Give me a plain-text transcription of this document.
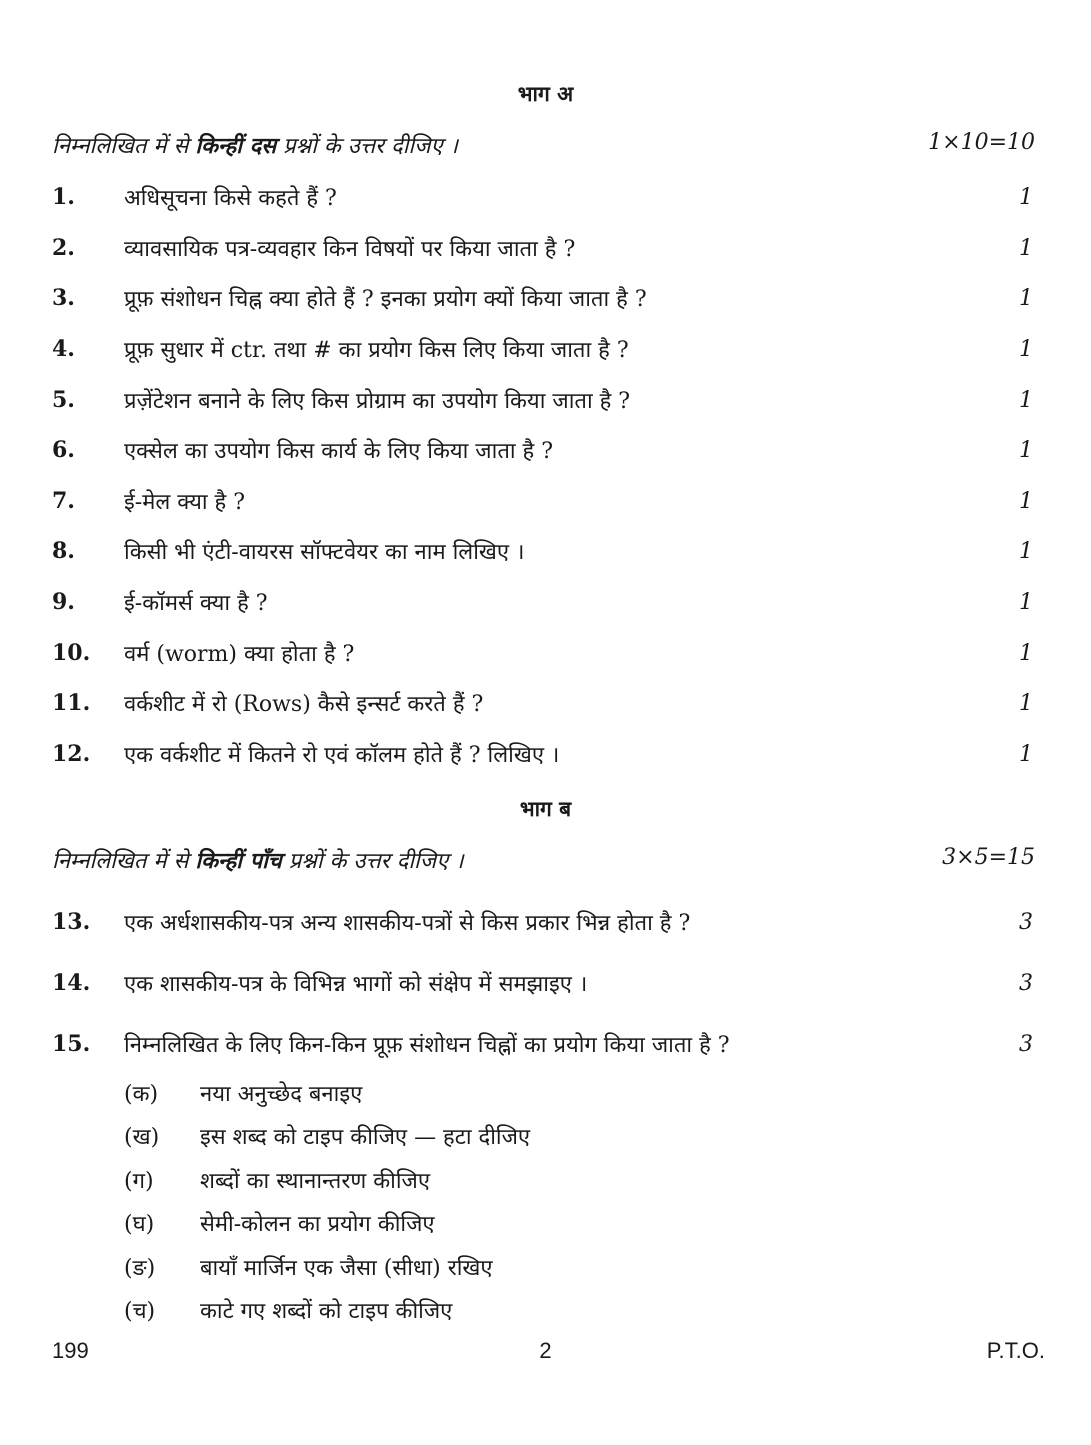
भाग अ
निम्नलिखित में से किन्हीं दस प्रश्नों के उत्तर दीजिए ।	1×10=10
1.	अधिसूचना किसे कहते हैं ?	1
2.	व्यावसायिक पत्र-व्यवहार किन विषयों पर किया जाता है ?	1
3.	प्रूफ़ संशोधन चिह्न क्या होते हैं ? इनका प्रयोग क्यों किया जाता है ?	1
4.	प्रूफ़ सुधार में ctr. तथा # का प्रयोग किस लिए किया जाता है ?	1
5.	प्रज़ेंटेशन बनाने के लिए किस प्रोग्राम का उपयोग किया जाता है ?	1
6.	एक्सेल का उपयोग किस कार्य के लिए किया जाता है ?	1
7.	ई-मेल क्या है ?	1
8.	किसी भी एंटी-वायरस सॉफ्टवेयर का नाम लिखिए ।	1
9.	ई-कॉमर्स क्या है ?	1
10.	वर्म (worm) क्या होता है ?	1
11.	वर्कशीट में रो (Rows) कैसे इन्सर्ट करते हैं ?	1
12.	एक वर्कशीट में कितने रो एवं कॉलम होते हैं ? लिखिए ।	1
भाग ब
निम्नलिखित में से किन्हीं पाँच प्रश्नों के उत्तर दीजिए ।	3×5=15
13.	एक अर्धशासकीय-पत्र अन्य शासकीय-पत्रों से किस प्रकार भिन्न होता है ?	3
14.	एक शासकीय-पत्र के विभिन्न भागों को संक्षेप में समझाइए ।	3
15.	निम्नलिखित के लिए किन-किन प्रूफ़ संशोधन चिह्नों का प्रयोग किया जाता है ?	3
(क)	नया अनुच्छेद बनाइए
(ख)	इस शब्द को टाइप कीजिए — हटा दीजिए
(ग)	शब्दों का स्थानान्तरण कीजिए
(घ)	सेमी-कोलन का प्रयोग कीजिए
(ङ)	बायाँ मार्जिन एक जैसा (सीधा) रखिए
(च)	काटे गए शब्दों को टाइप कीजिए
199	2	P.T.O.
